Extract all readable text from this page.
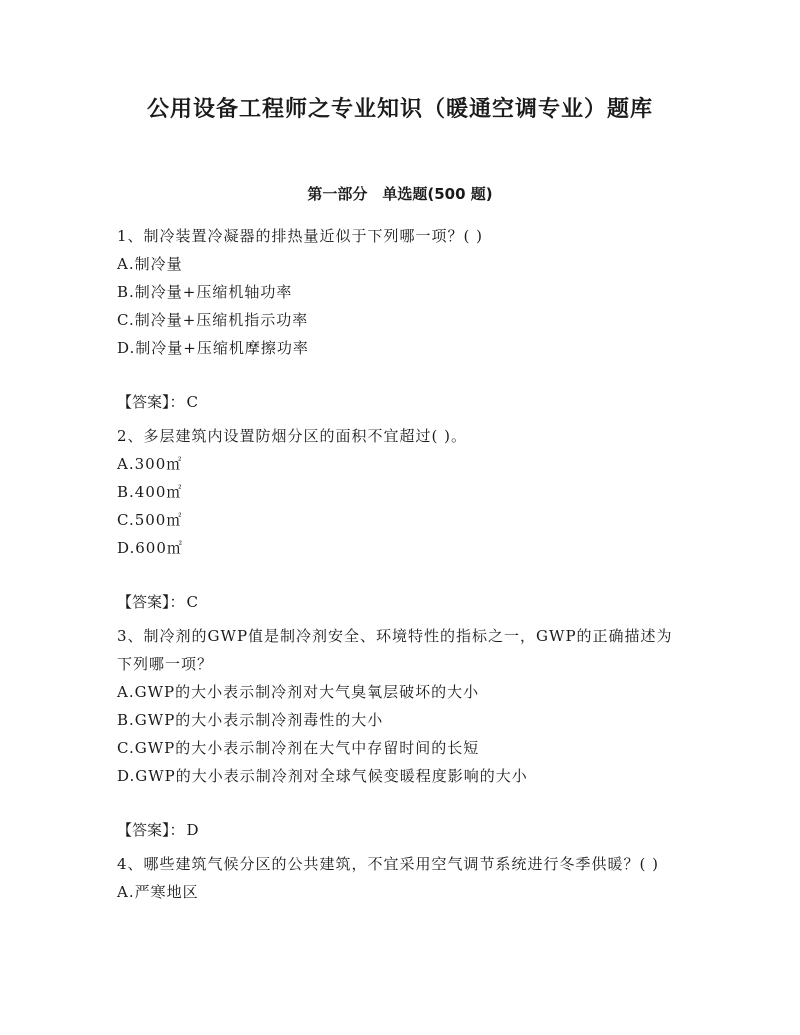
公用设备工程师之专业知识（暖通空调专业）题库
第一部分　单选题(500 题)
1、制冷装置冷凝器的排热量近似于下列哪一项？( )
A.制冷量
B.制冷量+压缩机轴功率
C.制冷量+压缩机指示功率
D.制冷量+压缩机摩擦功率
【答案】： C
2、多层建筑内设置防烟分区的面积不宜超过( )。
A.300㎡
B.400㎡
C.500㎡
D.600㎡
【答案】： C
3、制冷剂的GWP值是制冷剂安全、环境特性的指标之一，GWP的正确描述为下列哪一项？
A.GWP的大小表示制冷剂对大气臭氧层破坏的大小
B.GWP的大小表示制冷剂毒性的大小
C.GWP的大小表示制冷剂在大气中存留时间的长短
D.GWP的大小表示制冷剂对全球气候变暖程度影响的大小
【答案】： D
4、哪些建筑气候分区的公共建筑，不宜采用空气调节系统进行冬季供暖？( )
A.严寒地区
